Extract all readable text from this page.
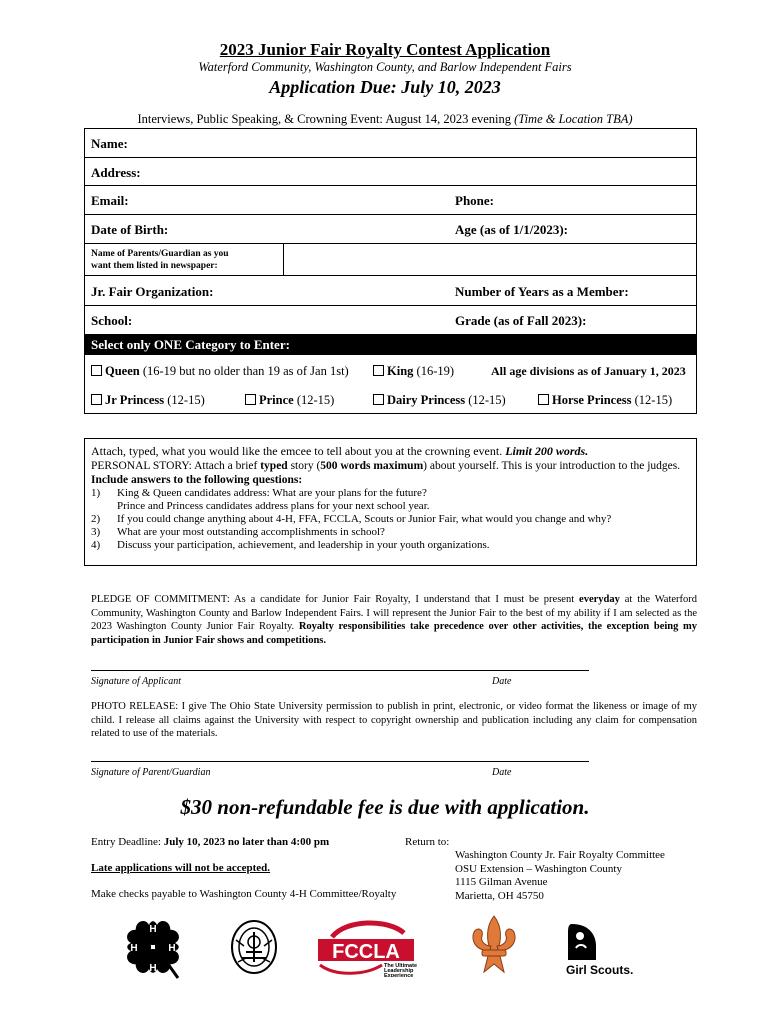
2023 Junior Fair Royalty Contest Application
Waterford Community, Washington County, and Barlow Independent Fairs
Application Due: July 10, 2023
Interviews, Public Speaking, & Crowning Event: August 14, 2023 evening (Time & Location TBA)
Name:
Address:
Email:	Phone:
Date of Birth:	Age (as of 1/1/2023):
Name of Parents/Guardian as you
want them listed in newspaper:
Jr. Fair Organization:	Number of Years as a Member:
School:	Grade (as of Fall 2023):
Select only ONE Category to Enter:
Queen (16-19 but no older than 19 as of Jan 1st)	King (16-19)	All age divisions as of January 1, 2023
Jr Princess (12-15)	Prince (12-15)	Dairy Princess (12-15)	Horse Princess (12-15)

Attach, typed, what you would like the emcee to tell about you at the crowning event. Limit 200 words.

PERSONAL STORY: Attach a brief typed story (500 words maximum) about yourself. This is your introduction to the judges. Include answers to the following questions:

1) King & Queen candidates address: What are your plans for the future?
Prince and Princess candidates address plans for your next school year.
2) If you could change anything about 4-H, FFA, FCCLA, Scouts or Junior Fair, what would you change and why?
3) What are your most outstanding accomplishments in school?
4) Discuss your participation, achievement, and leadership in your youth organizations.
PLEDGE OF COMMITMENT: As a candidate for Junior Fair Royalty, I understand that I must be present everyday at the Waterford Community, Washington County and Barlow Independent Fairs. I will represent the Junior Fair to the best of my ability if I am selected as the 2023 Washington County Junior Fair Royalty. Royalty responsibilities take precedence over other activities, the exception being my participation in Junior Fair shows and competitions.
Signature of Applicant	Date
PHOTO RELEASE: I give The Ohio State University permission to publish in print, electronic, or video format the likeness or image of my child. I release all claims against the University with respect to copyright ownership and publication including any claim for compensation related to use of the materials.
Signature of Parent/Guardian	Date
$30 non-refundable fee is due with application.
Entry Deadline: July 10, 2023 no later than 4:00 pm
Late applications will not be accepted.
Make checks payable to Washington County 4-H Committee/Royalty
Return to:
Washington County Jr. Fair Royalty Committee
OSU Extension – Washington County
1115 Gilman Avenue
Marietta, OH 45750
H
H
H	H	FCCLA
The Ultimate
Leadership
Experience	Girl Scouts.
